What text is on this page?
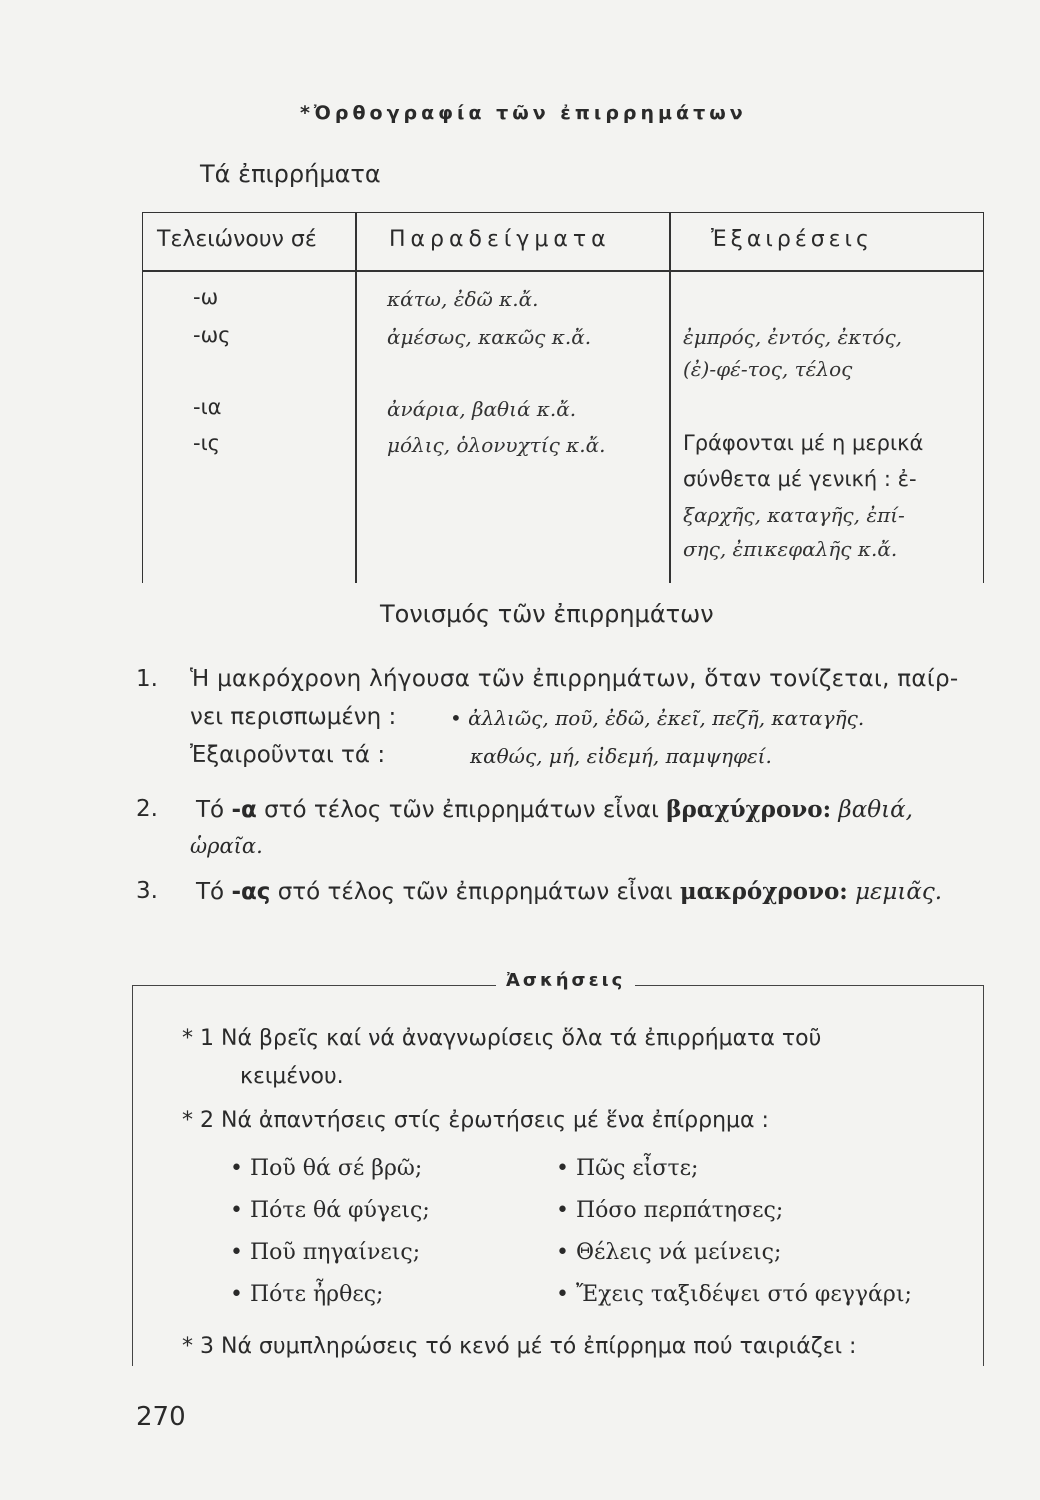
*Ὀρθογραφία τῶν ἐπιρρημάτων
Τά ἐπιρρήματα
Τελειώνουν σέ	Παραδείγματα	Ἐξαιρέσεις
-ω	κάτω, ἐδῶ κ.ἄ.
-ως	ἀμέσως, κακῶς κ.ἄ.	ἐμπρός, ἐντός, ἐκτός,
(ἐ)-φέ-τος, τέλος
-ια	ἀνάρια, βαθιά κ.ἄ.
-ις	μόλις, ὁλονυχτίς κ.ἄ.	Γράφονται μέ η μερικά
σύνθετα μέ γενική : ἐ-
ξαρχῆς, καταγῆς, ἐπί-
σης, ἐπικεφαλῆς κ.ἄ.
Τονισμός τῶν ἐπιρρημάτων
1. Ἡ μακρόχρονη λήγουσα τῶν ἐπιρρημάτων, ὅταν τονίζεται, παίρ-
νει περισπωμένη :	• ἀλλιῶς, ποῦ, ἐδῶ, ἐκεῖ, πεζῆ, καταγῆς.
Ἐξαιροῦνται τά :	καθώς, μή, εἰδεμή, παμψηφεί.
2. Τό -α στό τέλος τῶν ἐπιρρημάτων εἶναι βραχύχρονο: βαθιά,
ὡραῖα.
3. Τό -ας στό τέλος τῶν ἐπιρρημάτων εἶναι μακρόχρονο: μεμιᾶς.
Ἀσκήσεις
* 1 Νά βρεῖς καί νά ἀναγνωρίσεις ὅλα τά ἐπιρρήματα τοῦ
κειμένου.
* 2 Νά ἀπαντήσεις στίς ἐρωτήσεις μέ ἕνα ἐπίρρημα :
• Ποῦ θά σέ βρῶ;
• Πότε θά φύγεις;
• Ποῦ πηγαίνεις;
• Πότε ἦρθες;
• Πῶς εἶστε;
• Πόσο περπάτησες;
• Θέλεις νά μείνεις;
• Ἔχεις ταξιδέψει στό φεγγάρι;
* 3 Νά συμπληρώσεις τό κενό μέ τό ἐπίρρημα πού ταιριάζει :
270
